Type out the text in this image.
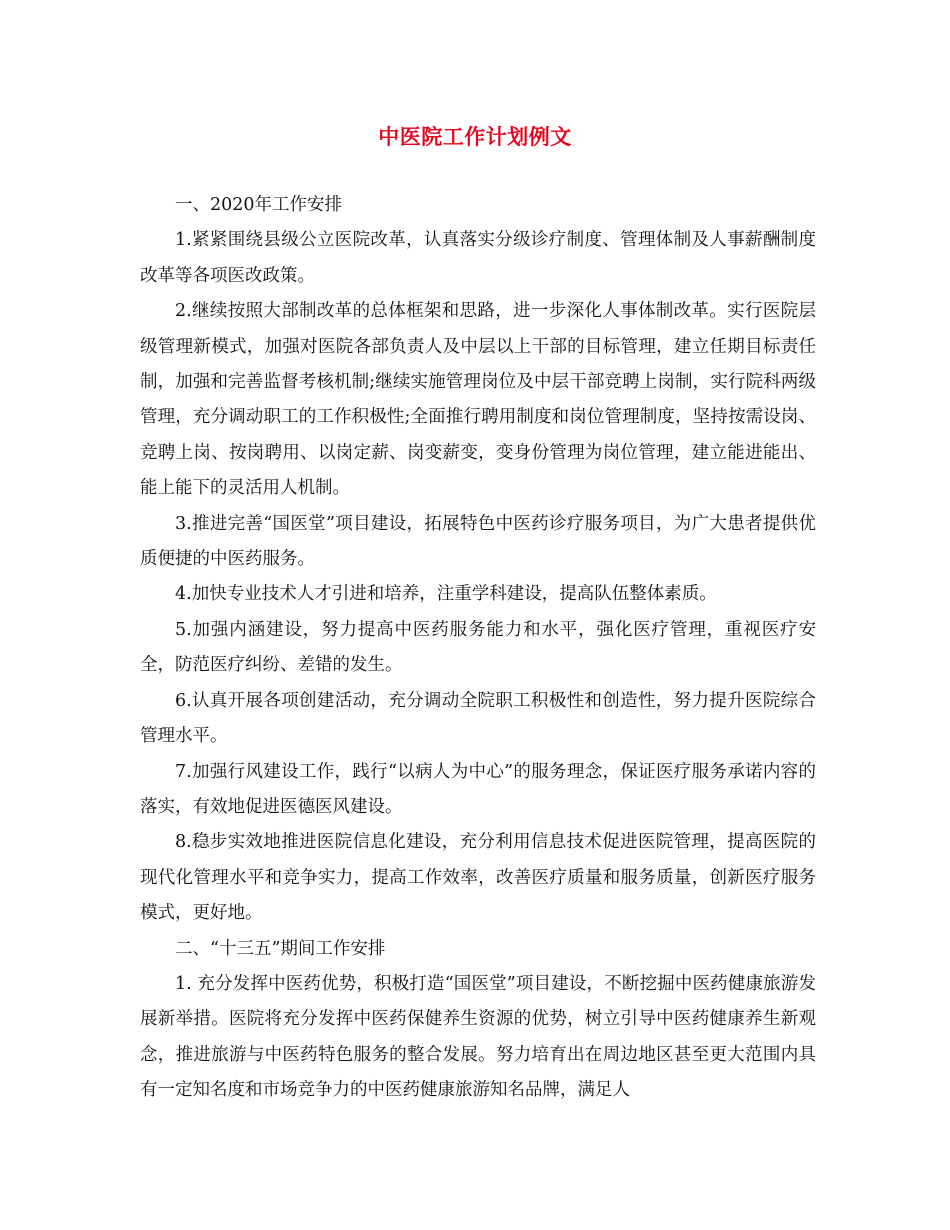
中医院工作计划例文

一、2020年工作安排

1.紧紧围绕县级公立医院改革，认真落实分级诊疗制度、管理体制及人事薪酬制度改革等各项医改政策。

2.继续按照大部制改革的总体框架和思路，进一步深化人事体制改革。实行医院层级管理新模式，加强对医院各部负责人及中层以上干部的目标管理，建立任期目标责任制，加强和完善监督考核机制;继续实施管理岗位及中层干部竞聘上岗制，实行院科两级管理，充分调动职工的工作积极性;全面推行聘用制度和岗位管理制度，坚持按需设岗、竞聘上岗、按岗聘用、以岗定薪、岗变薪变，变身份管理为岗位管理，建立能进能出、能上能下的灵活用人机制。

3.推进完善“国医堂”项目建设，拓展特色中医药诊疗服务项目，为广大患者提供优质便捷的中医药服务。

4.加快专业技术人才引进和培养，注重学科建设，提高队伍整体素质。

5.加强内涵建设，努力提高中医药服务能力和水平，强化医疗管理，重视医疗安全，防范医疗纠纷、差错的发生。

6.认真开展各项创建活动，充分调动全院职工积极性和创造性，努力提升医院综合管理水平。

7.加强行风建设工作，践行“以病人为中心”的服务理念，保证医疗服务承诺内容的落实，有效地促进医德医风建设。

8.稳步实效地推进医院信息化建设，充分利用信息技术促进医院管理，提高医院的现代化管理水平和竞争实力，提高工作效率，改善医疗质量和服务质量，创新医疗服务模式，更好地。

二、“十三五”期间工作安排

1. 充分发挥中医药优势，积极打造“国医堂”项目建设，不断挖掘中医药健康旅游发展新举措。医院将充分发挥中医药保健养生资源的优势，树立引导中医药健康养生新观念，推进旅游与中医药特色服务的整合发展。努力培育出在周边地区甚至更大范围内具有一定知名度和市场竞争力的中医药健康旅游知名品牌，满足人
